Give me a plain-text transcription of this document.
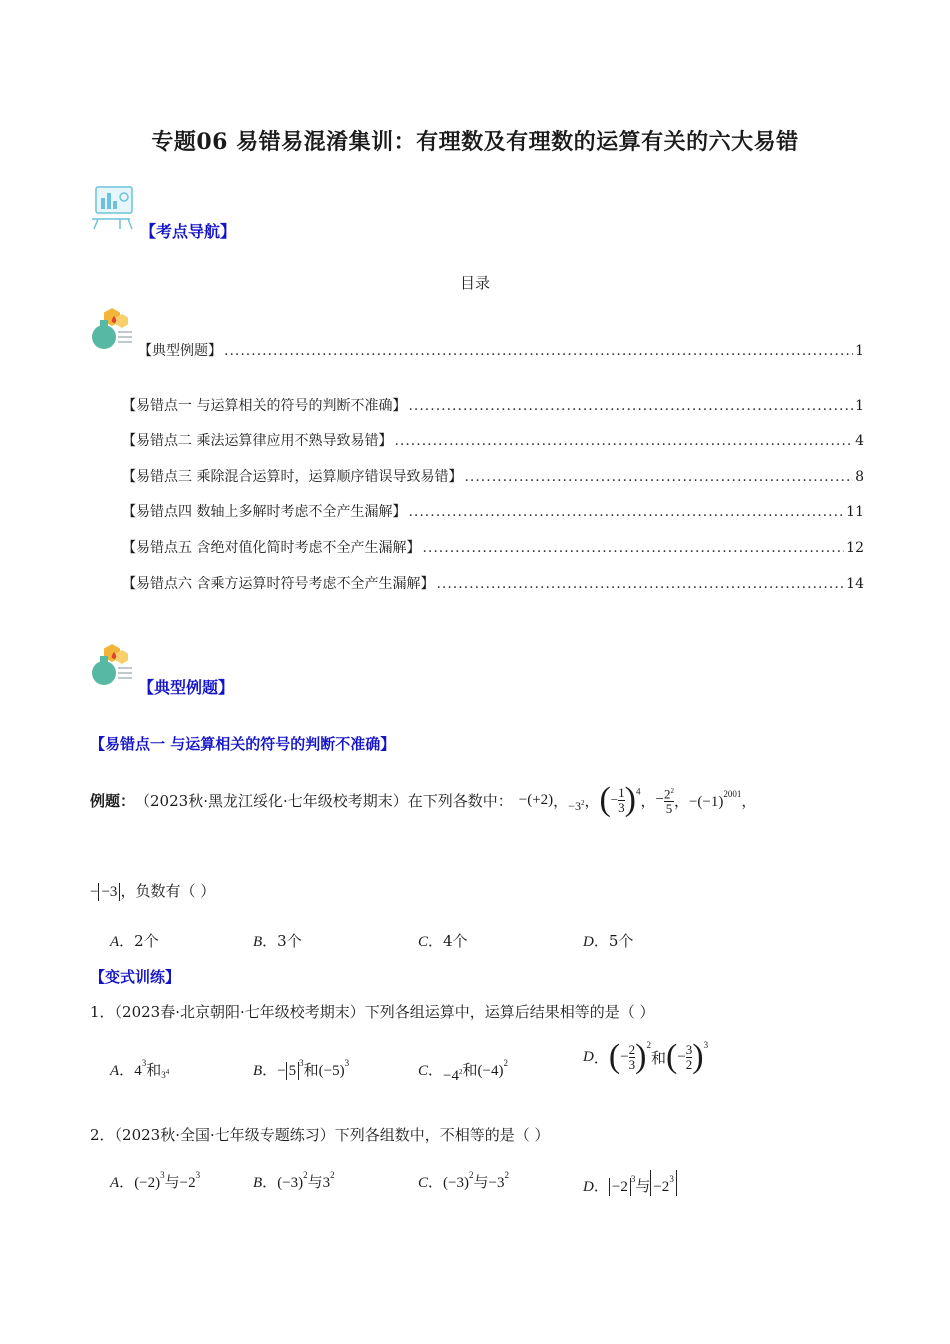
专题06 易错易混淆集训：有理数及有理数的运算有关的六大易错
【考点导航】
目录
【典型例题】 .....	1
【易错点一 与运算相关的符号的判断不准确】 .....	1
【易错点二 乘法运算律应用不熟导致易错】 .....	4
【易错点三 乘除混合运算时，运算顺序错误导致易错】 .....	8
【易错点四 数轴上多解时考虑不全产生漏解】 .....	11
【易错点五 含绝对值化简时考虑不全产生漏解】 .....	12
【易错点六 含乘方运算时符号考虑不全产生漏解】 .....	14
【典型例题】
【易错点一 与运算相关的符号的判断不准确】
例题： （2023秋·黑龙江绥化·七年级校考期末）在下列各数中： −(+2) ， $-3^2$ ， (− $\frac{1}{3} )^4$
， − $\frac{2^2}{5}$ ， $-(-1)^{2001}$ ，
− −3 ，负数有（ ）
A．2个	B．3个	C．4个	D．5个
【变式训练】
1．（2023春·北京朝阳·七年级校考期末）下列各组运算中，运算后结果相等的是（ ）
A．$4^3$和$_{3^4}$	B．− 5 $^3$和$(-5)^3$	C．$-4^2$和$(-4)^2$	D ． ( − $\frac{2}{3} )^2$
和 ( − $\frac{3}{2} )^3$
2．（2023秋·全国·七年级专题练习）下列各组数中，不相等的是（ ）
A．$(-2)^3$与$-2^3$	B．$(-3)^2$与$3^2$	C．$(-3)^2$与$-3^2$
D． −2 $^3$与 $-2^3$
